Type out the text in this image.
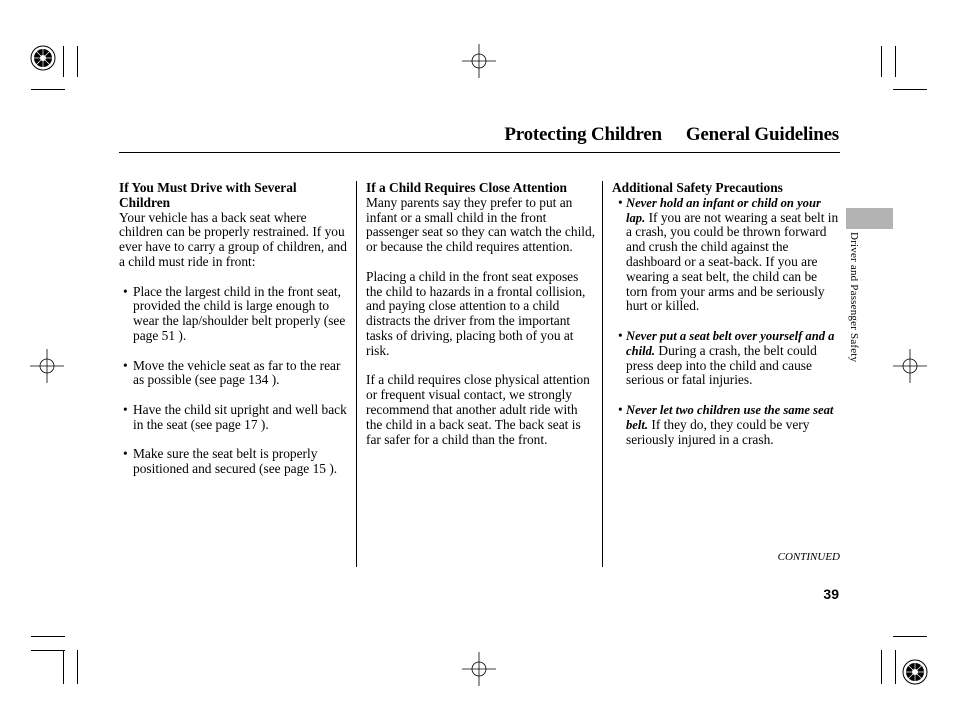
Protecting Children General Guidelines

If You Must Drive with Several Children

Your vehicle has a back seat where children can be properly restrained. If you ever have to carry a group of children, and a child must ride in front:

• Place the largest child in the front seat, provided the child is large enough to wear the lap/shoulder belt properly (see page 51 ).
• Move the vehicle seat as far to the rear as possible (see page 134 ).
• Have the child sit upright and well back in the seat (see page 17 ).
• Make sure the seat belt is properly positioned and secured (see page 15 ).

If a Child Requires Close Attention

Many parents say they prefer to put an infant or a small child in the front passenger seat so they can watch the child, or because the child requires attention.

Placing a child in the front seat exposes the child to hazards in a frontal collision, and paying close attention to a child distracts the driver from the important tasks of driving, placing both of you at risk.

If a child requires close physical attention or frequent visual contact, we strongly recommend that another adult ride with the child in a back seat. The back seat is far safer for a child than the front.

Additional Safety Precautions

• Never hold an infant or child on your lap. If you are not wearing a seat belt in a crash, you could be thrown forward and crush the child against the dashboard or a seat-back. If you are wearing a seat belt, the child can be torn from your arms and be seriously hurt or killed.
• Never put a seat belt over yourself and a child. During a crash, the belt could press deep into the child and cause serious or fatal injuries.
• Never let two children use the same seat belt. If they do, they could be very seriously injured in a crash.
Driver and Passenger Safety
CONTINUED
39
